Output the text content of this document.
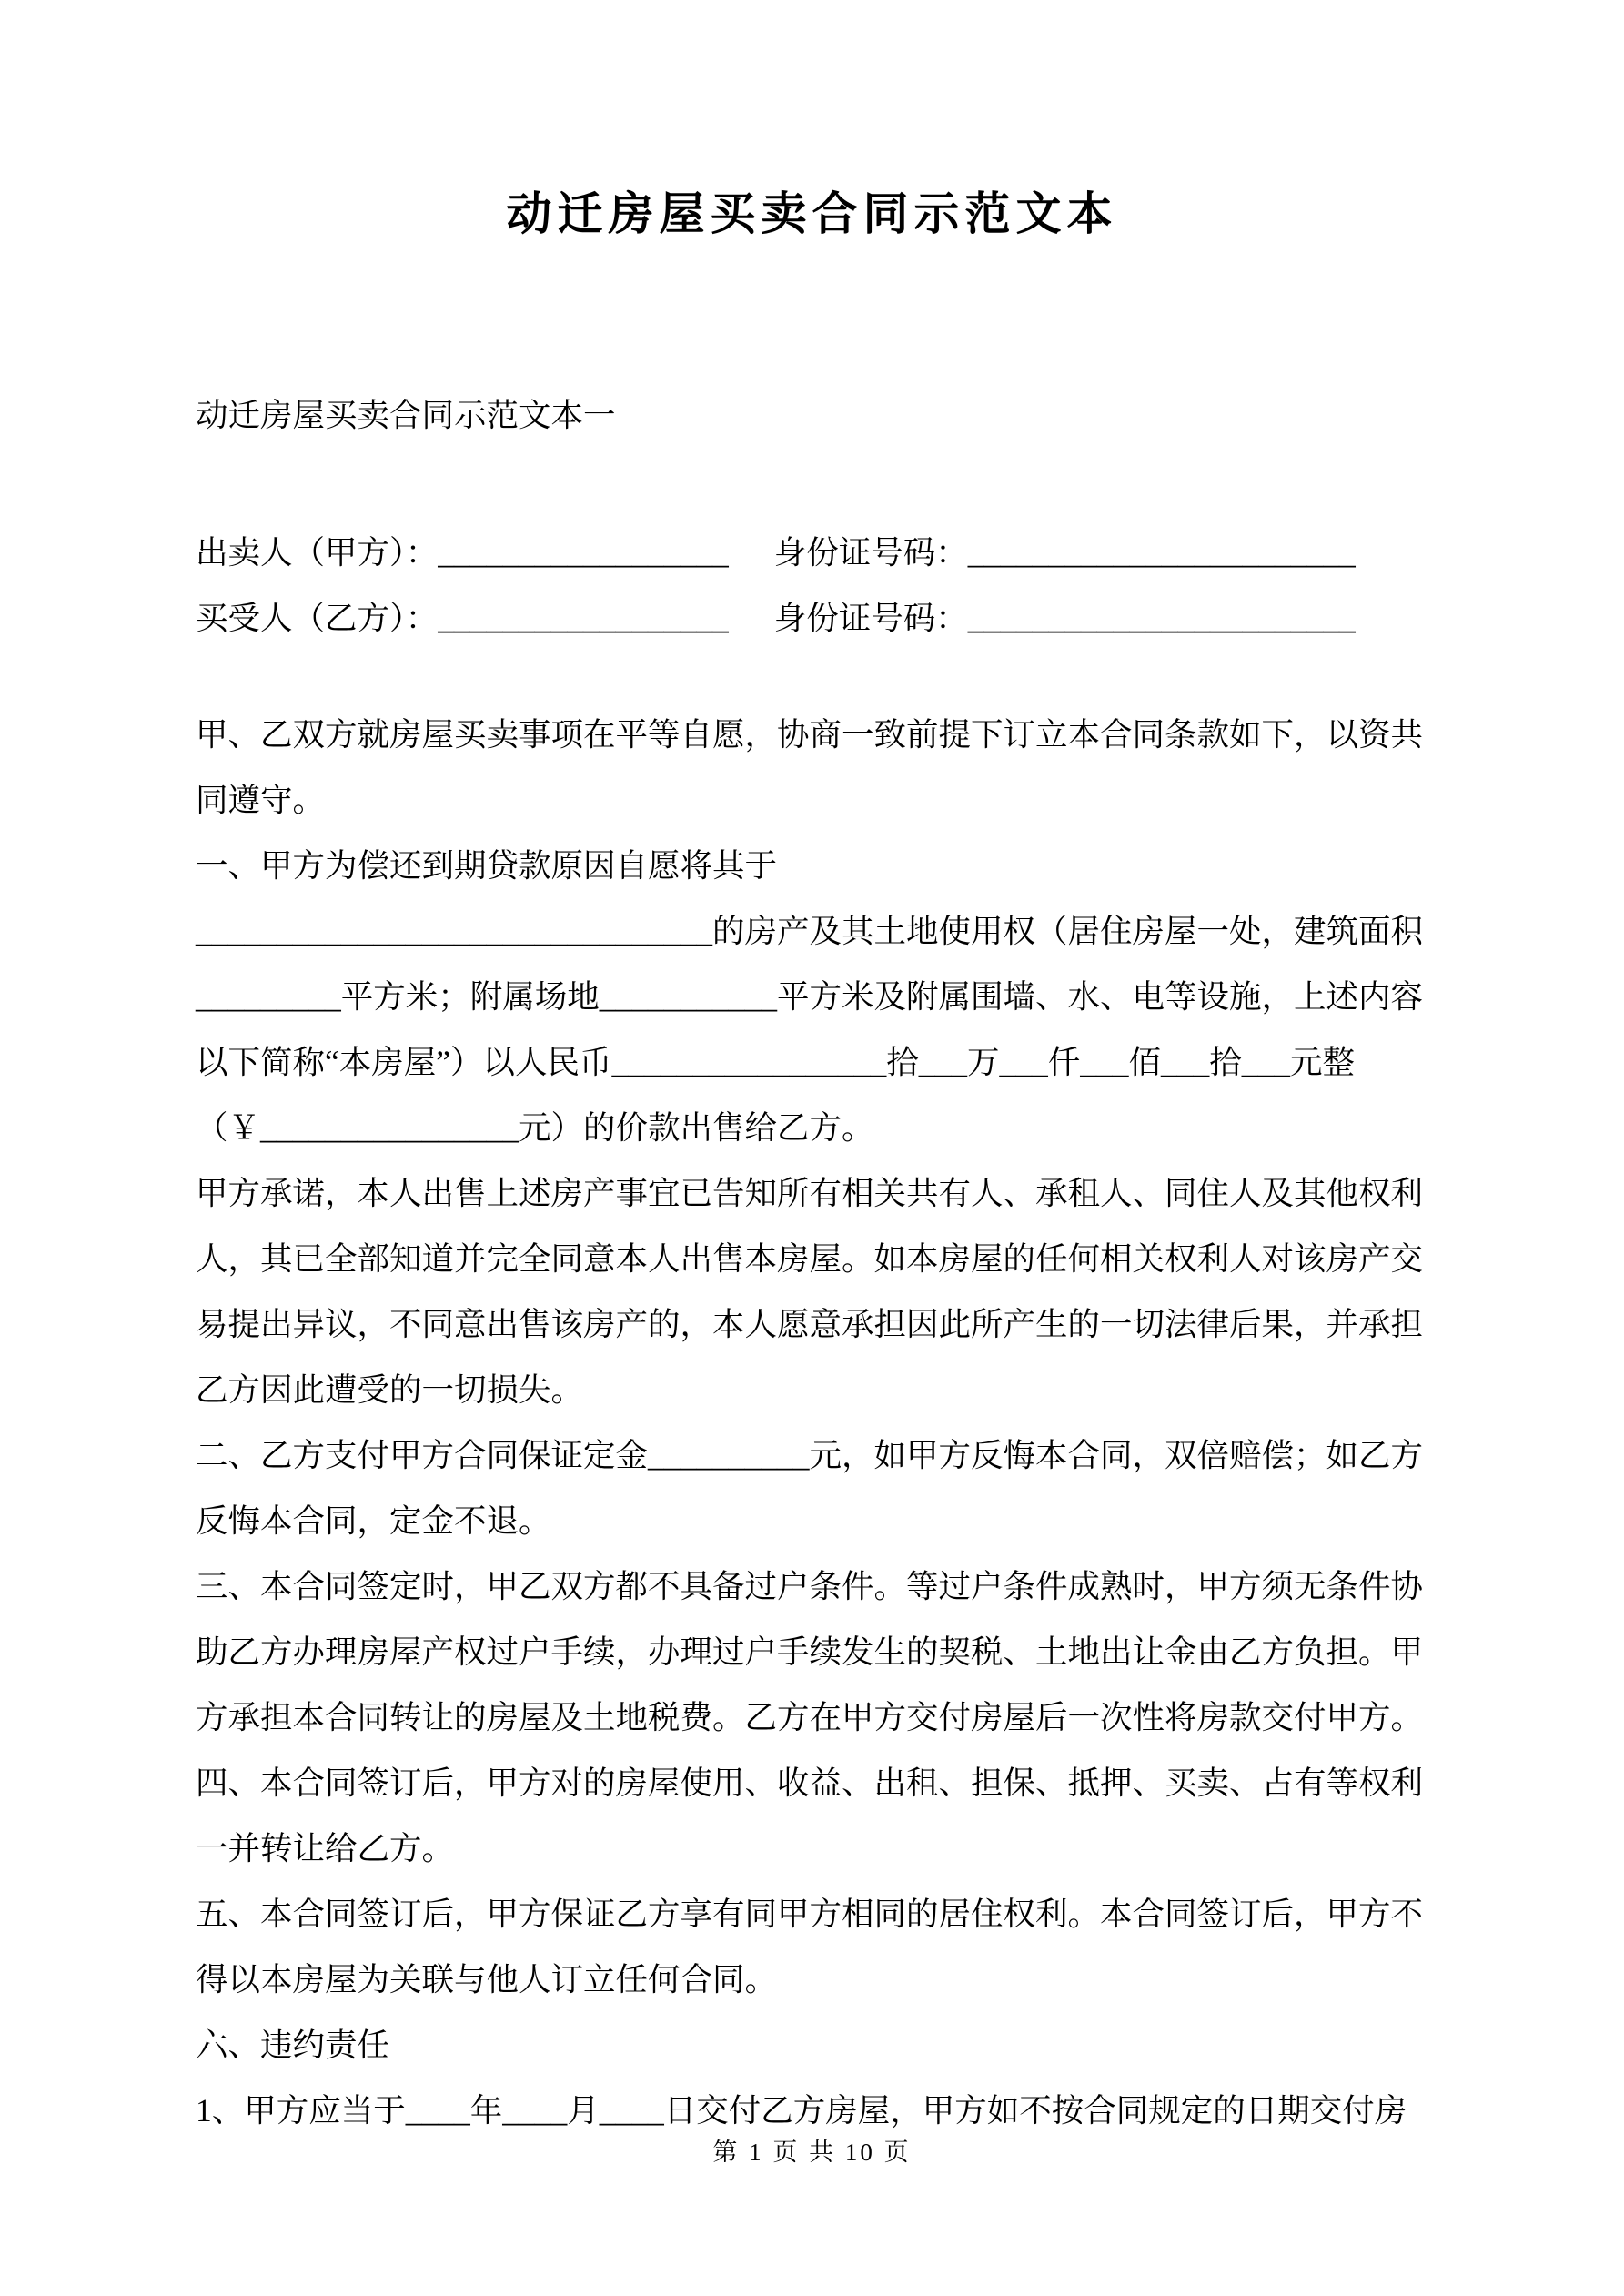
动迁房屋买卖合同示范文本
动迁房屋买卖合同示范文本一
出卖人（甲方）：__________________ 身份证号码：________________________
买受人（乙方）：__________________ 身份证号码：________________________
甲、乙双方就房屋买卖事项在平等自愿，协商一致前提下订立本合同条款如下，以资共
同遵守。
一、甲方为偿还到期贷款原因自愿将其于
________________________________的房产及其土地使用权（居住房屋一处，建筑面积
_________平方米；附属场地___________平方米及附属围墙、水、电等设施，上述内容
以下简称“本房屋”）以人民币_________________拾___万___仟___佰___拾___元整
（￥________________元）的价款出售给乙方。
甲方承诺，本人出售上述房产事宜已告知所有相关共有人、承租人、同住人及其他权利
人，其已全部知道并完全同意本人出售本房屋。如本房屋的任何相关权利人对该房产交
易提出异议，不同意出售该房产的，本人愿意承担因此所产生的一切法律后果，并承担
乙方因此遭受的一切损失。
二、乙方支付甲方合同保证定金__________元，如甲方反悔本合同，双倍赔偿；如乙方
反悔本合同，定金不退。
三、本合同签定时，甲乙双方都不具备过户条件。等过户条件成熟时，甲方须无条件协
助乙方办理房屋产权过户手续，办理过户手续发生的契税、土地出让金由乙方负担。甲
方承担本合同转让的房屋及土地税费。乙方在甲方交付房屋后一次性将房款交付甲方。
四、本合同签订后，甲方对的房屋使用、收益、出租、担保、抵押、买卖、占有等权利
一并转让给乙方。
五、本合同签订后，甲方保证乙方享有同甲方相同的居住权利。本合同签订后，甲方不
得以本房屋为关联与他人订立任何合同。
六、违约责任
1、甲方应当于____年____月____日交付乙方房屋，甲方如不按合同规定的日期交付房
第 1 页 共 10 页
